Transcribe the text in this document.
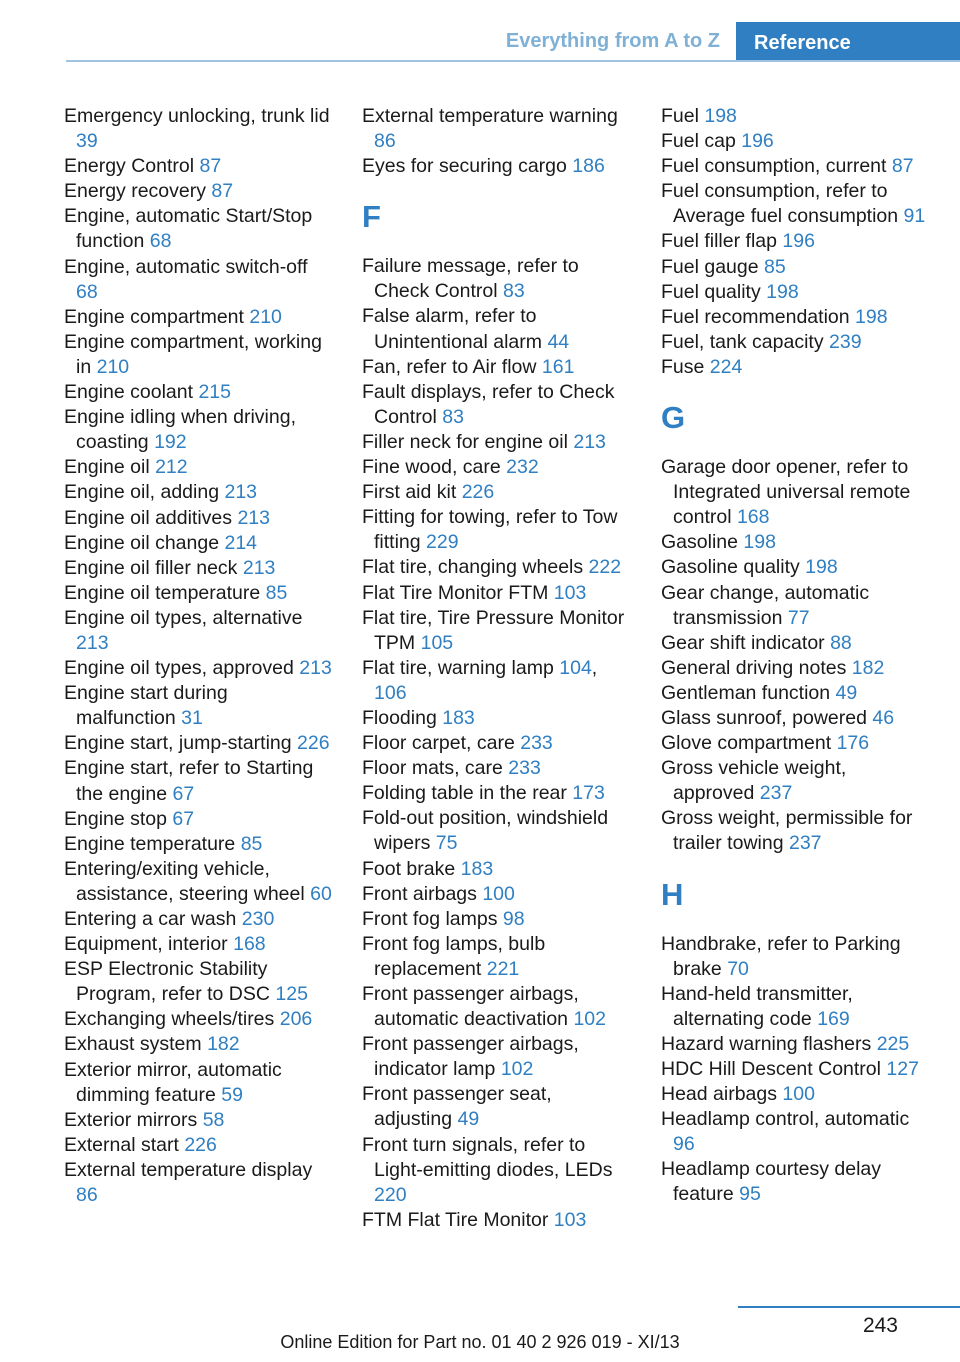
Everything from A to Z	Reference
Emergency unlocking, trunk lid 39
Energy Control 87
Energy recovery 87
Engine, automatic Start/Stop function 68
Engine, automatic switch-off 68
Engine compartment 210
Engine compartment, working in 210
Engine coolant 215
Engine idling when driving, coasting 192
Engine oil 212
Engine oil, adding 213
Engine oil additives 213
Engine oil change 214
Engine oil filler neck 213
Engine oil temperature 85
Engine oil types, alternative 213
Engine oil types, approved 213
Engine start during malfunction 31
Engine start, jump-starting 226
Engine start, refer to Starting the engine 67
Engine stop 67
Engine temperature 85
Entering/exiting vehicle, assistance, steering wheel 60
Entering a car wash 230
Equipment, interior 168
ESP Electronic Stability Program, refer to DSC 125
Exchanging wheels/tires 206
Exhaust system 182
Exterior mirror, automatic dimming feature 59
Exterior mirrors 58
External start 226
External temperature display 86
External temperature warning 86
Eyes for securing cargo 186
F
Failure message, refer to Check Control 83
False alarm, refer to Unintentional alarm 44
Fan, refer to Air flow 161
Fault displays, refer to Check Control 83
Filler neck for engine oil 213
Fine wood, care 232
First aid kit 226
Fitting for towing, refer to Tow fitting 229
Flat tire, changing wheels 222
Flat Tire Monitor FTM 103
Flat tire, Tire Pressure Monitor TPM 105
Flat tire, warning lamp 104, 106
Flooding 183
Floor carpet, care 233
Floor mats, care 233
Folding table in the rear 173
Fold-out position, windshield wipers 75
Foot brake 183
Front airbags 100
Front fog lamps 98
Front fog lamps, bulb replacement 221
Front passenger airbags, automatic deactivation 102
Front passenger airbags, indicator lamp 102
Front passenger seat, adjusting 49
Front turn signals, refer to Light-emitting diodes, LEDs 220
FTM Flat Tire Monitor 103
Fuel 198
Fuel cap 196
Fuel consumption, current 87
Fuel consumption, refer to Average fuel consumption 91
Fuel filler flap 196
Fuel gauge 85
Fuel quality 198
Fuel recommendation 198
Fuel, tank capacity 239
Fuse 224
G
Garage door opener, refer to Integrated universal remote control 168
Gasoline 198
Gasoline quality 198
Gear change, automatic transmission 77
Gear shift indicator 88
General driving notes 182
Gentleman function 49
Glass sunroof, powered 46
Glove compartment 176
Gross vehicle weight, approved 237
Gross weight, permissible for trailer towing 237
H
Handbrake, refer to Parking brake 70
Hand-held transmitter, alternating code 169
Hazard warning flashers 225
HDC Hill Descent Control 127
Head airbags 100
Headlamp control, automatic 96
Headlamp courtesy delay feature 95
243
Online Edition for Part no. 01 40 2 926 019 - XI/13
